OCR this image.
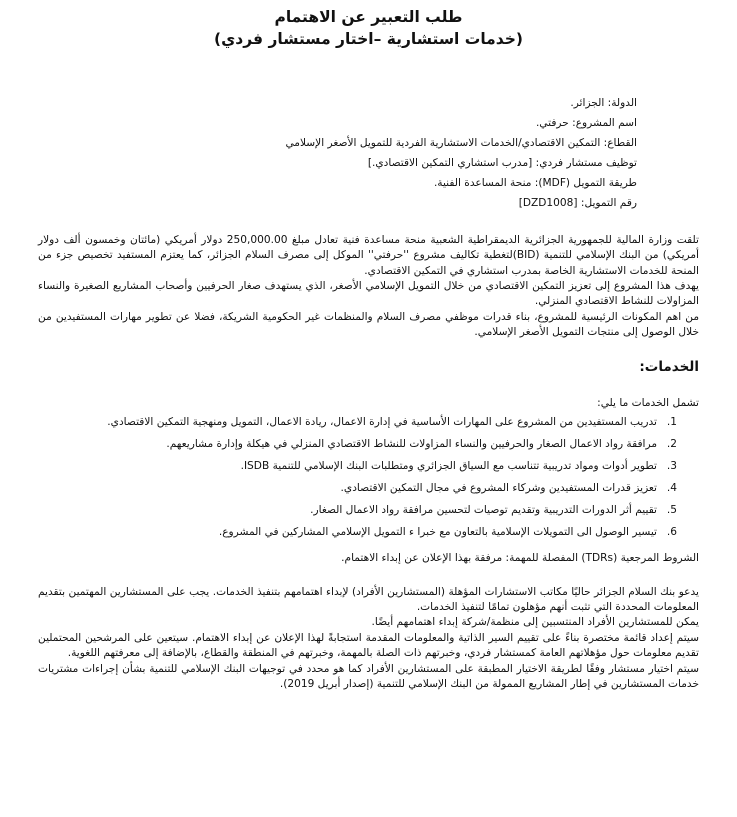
طلب التعبير عن الاهتمام
(خدمات استشارية –اختار مستشار فردي)
الدولة: الجزائر.
اسم المشروع: حرفتي.
القطاع: التمكين الاقتصادي/الخدمات الاستشارية الفردية للتمويل الأصغر الإسلامي
توظيف مستشار فردي: [مدرب استشاري التمكين الاقتصادي.]
طريقة التمويل (MDF): منحة المساعدة الفنية.
رقم التمويل: [DZD1008]

تلقت وزارة المالية للجمهورية الجزائرية الديمقراطية الشعبية منحة مساعدة فنية تعادل مبلغ 250,000.00 دولار أمريكي (مائتان وخمسون ألف دولار أمريكي) من البنك الإسلامي للتنمية (BID)لتغطية تكاليف مشروع ''حرفتي'' الموكل إلى مصرف السلام الجزائر، كما يعتزم المستفيد تخصيص جزء من المنحة للخدمات الاستشارية الخاصة بمدرب استشاري في التمكين الاقتصادي.

يهدف هذا المشروع إلى تعزيز التمكين الاقتصادي من خلال التمويل الإسلامي الأصغر، الذي يستهدف صغار الحرفيين وأصحاب المشاريع الصغيرة والنساء المزاولات للنشاط الاقتصادي المنزلي.

من اهم المكونات الرئيسية للمشروع، بناء قدرات موظفي مصرف السلام والمنظمات غير الحكومية الشريكة، فضلا عن تطوير مهارات المستفيدين من خلال الوصول إلى منتجات التمويل الأصغر الإسلامي.

الخدمات:

تشمل الخدمات ما يلي:

1.
تدريب المستفيدين من المشروع على المهارات الأساسية في إدارة الاعمال، ريادة الاعمال، التمويل ومنهجية التمكين الاقتصادي.
2.
مرافقة رواد الاعمال الصغار والحرفيين والنساء المزاولات للنشاط الاقتصادي المنزلي في هيكلة وإدارة مشاريعهم.
3.
تطوير أدوات ومواد تدريبية تتناسب مع السياق الجزائري ومتطلبات البنك الإسلامي للتنمية ISDB.
4.
تعزيز قدرات المستفيدين وشركاء المشروع في مجال التمكين الاقتصادي.
5.
تقييم أثر الدورات التدريبية وتقديم توصيات لتحسين مرافقة رواد الاعمال الصغار.
6.
تيسير الوصول الى التمويلات الإسلامية بالتعاون مع خبرا ء التمويل الإسلامي المشاركين في المشروع.

الشروط المرجعية (TDRs) المفصلة للمهمة: مرفقة بهذا الإعلان عن إبداء الاهتمام.

يدعو بنك السلام الجزائر حاليًا مكاتب الاستشارات المؤهلة (المستشارين الأفراد) لإبداء اهتمامهم بتنفيذ الخدمات. يجب على المستشارين المهتمين بتقديم المعلومات المحددة التي تثبت أنهم مؤهلون تمامًا لتنفيذ الخدمات.

يمكن للمستشارين الأفراد المنتسبين إلى منظمة/شركة إبداء اهتمامهم أيضًا.

سيتم إعداد قائمة مختصرة بناءً على تقييم السير الذاتية والمعلومات المقدمة استجابةً لهذا الإعلان عن إبداء الاهتمام. سيتعين على المرشحين المحتملين تقديم معلومات حول مؤهلاتهم العامة كمستشار فردي، وخبرتهم ذات الصلة بالمهمة، وخبرتهم في المنطقة والقطاع، بالإضافة إلى معرفتهم اللغوية.

سيتم اختيار مستشار وفقًا لطريقة الاختيار المطبقة على المستشارين الأفراد كما هو محدد في توجيهات البنك الإسلامي للتنمية بشأن إجراءات مشتريات خدمات المستشارين في إطار المشاريع الممولة من البنك الإسلامي للتنمية (إصدار أبريل 2019).
